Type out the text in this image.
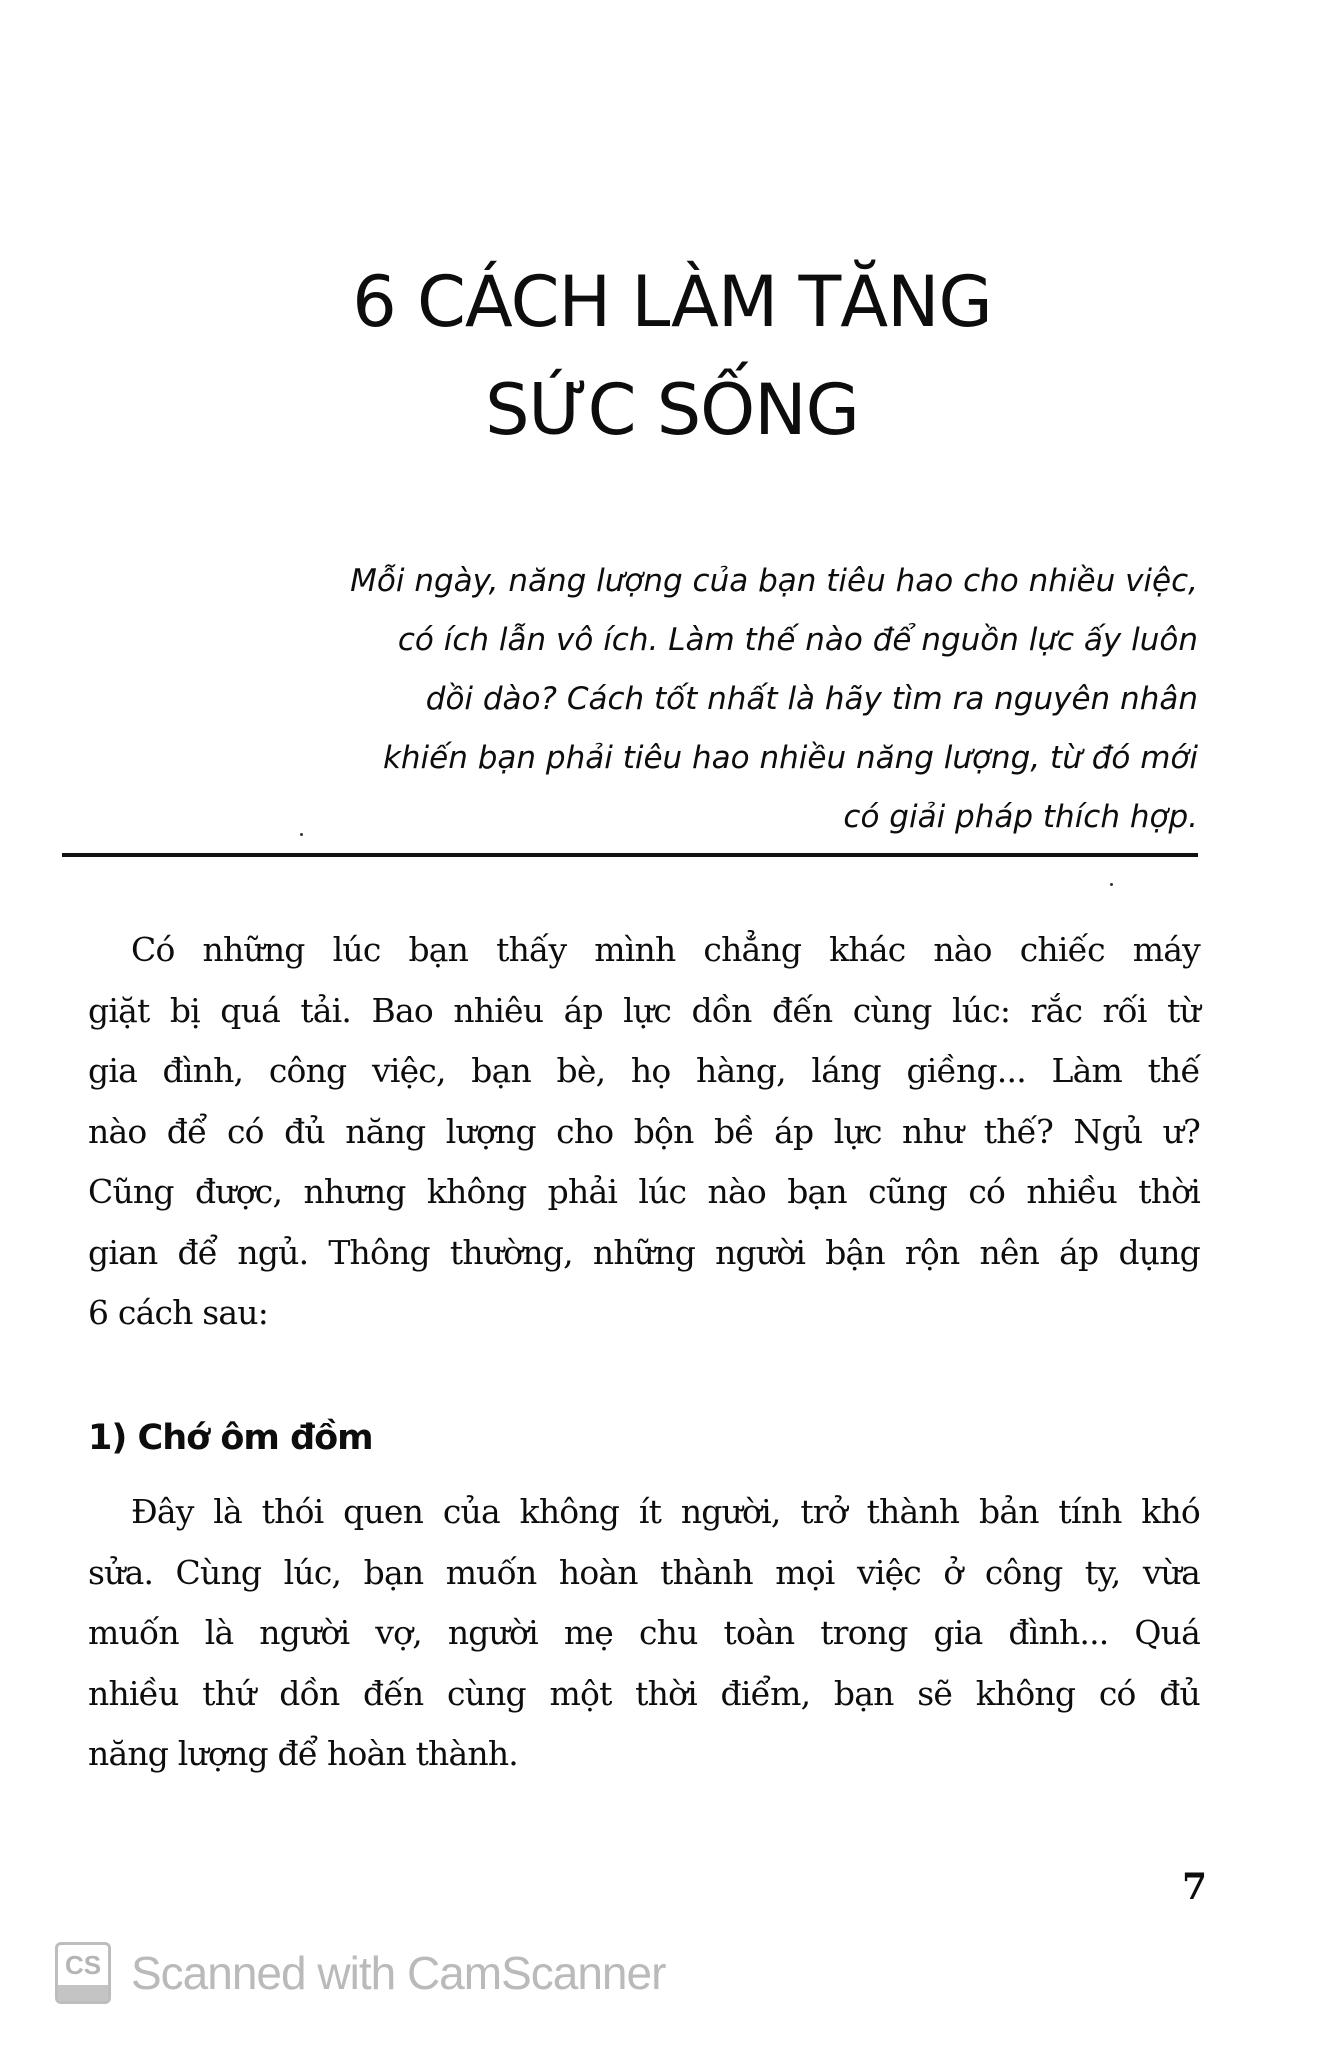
6 CÁCH LÀM TĂNG
SỨC SỐNG
Mỗi ngày, năng lượng của bạn tiêu hao cho nhiều việc,
có ích lẫn vô ích. Làm thế nào để nguồn lực ấy luôn
dồi dào? Cách tốt nhất là hãy tìm ra nguyên nhân
khiến bạn phải tiêu hao nhiều năng lượng, từ đó mới
có giải pháp thích hợp.

Có những lúc bạn thấy mình chẳng khác nào chiếc máy
giặt bị quá tải. Bao nhiêu áp lực dồn đến cùng lúc: rắc rối từ
gia đình, công việc, bạn bè, họ hàng, láng giềng... Làm thế
nào để có đủ năng lượng cho bộn bề áp lực như thế? Ngủ ư?
Cũng được, nhưng không phải lúc nào bạn cũng có nhiều thời
gian để ngủ. Thông thường, những người bận rộn nên áp dụng
6 cách sau:

1) Chớ ôm đồm

Đây là thói quen của không ít người, trở thành bản tính khó
sửa. Cùng lúc, bạn muốn hoàn thành mọi việc ở công ty, vừa
muốn là người vợ, người mẹ chu toàn trong gia đình... Quá
nhiều thứ dồn đến cùng một thời điểm, bạn sẽ không có đủ
năng lượng để hoàn thành.

7
CS Scanned with CamScanner
